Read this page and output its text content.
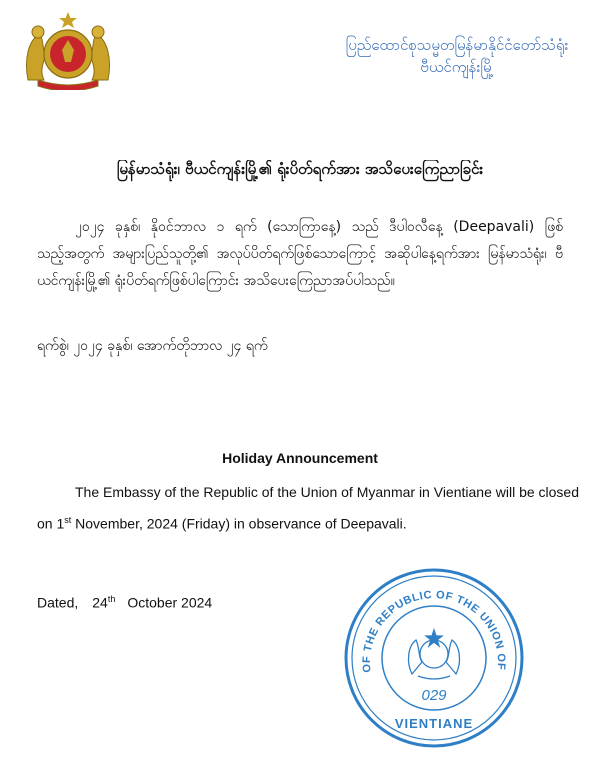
ပြည်ထောင်စုသမ္မတမြန်မာနိုင်ငံတော်သံရုံး
ဗီယင်ကျန်းမြို့
မြန်မာသံရုံး၊ ဗီယင်ကျန်းမြို့၏ ရုံးပိတ်ရက်အား အသိပေးကြေညာခြင်း
၂၀၂၄ ခုနှစ်၊ နိုဝင်ဘာလ ၁ ရက် (သောကြာနေ့) သည် ဒီပါဝလီနေ့ (Deepavali) ဖြစ်သည့်အတွက် အများပြည်သူတို့၏ အလုပ်ပိတ်ရက်ဖြစ်သောကြောင့် အဆိုပါနေ့ရက်အား မြန်မာသံရုံး၊ ဗီယင်ကျန်းမြို့၏ ရုံးပိတ်ရက်ဖြစ်ပါကြောင်း အသိပေးကြေညာအပ်ပါသည်။
ရက်စွဲ၊ ၂၀၂၄ ခုနှစ်၊ အောက်တိုဘာလ ၂၄ ရက်
Holiday Announcement
The Embassy of the Republic of the Union of Myanmar in Vientiane will be closed
on 1st November, 2024 (Friday) in observance of Deepavali.
Dated, 24th October 2024
OF THE REPUBLIC OF THE UNION OF
029
VIENTIANE
